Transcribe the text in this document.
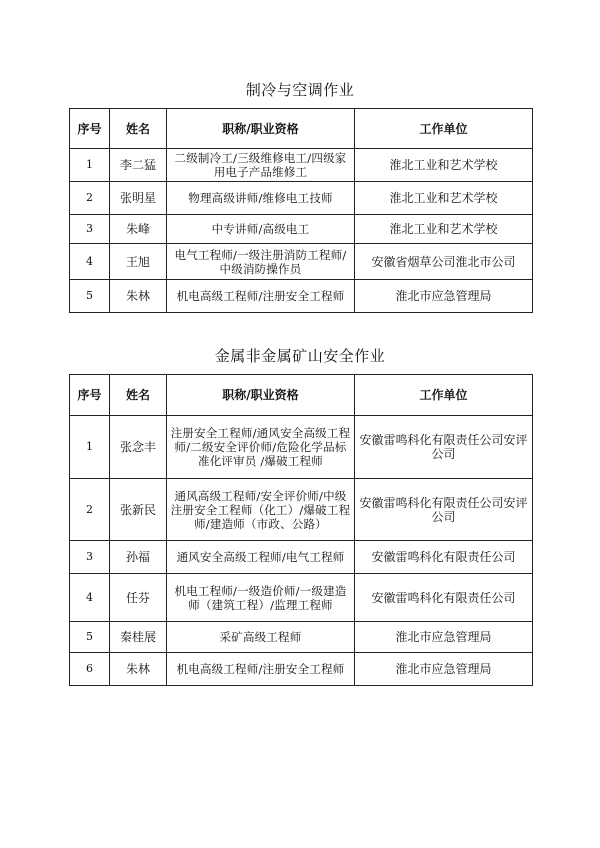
制冷与空调作业
序号	姓名	职称/职业资格	工作单位
1	李二猛	二级制冷工/三级维修电工/四级家用电子产品维修工	淮北工业和艺术学校
2	张明星	物理高级讲师/维修电工技师	淮北工业和艺术学校
3	朱峰	中专讲师/高级电工	淮北工业和艺术学校
4	王旭	电气工程师/一级注册消防工程师/中级消防操作员	安徽省烟草公司淮北市公司
5	朱林	机电高级工程师/注册安全工程师	淮北市应急管理局
金属非金属矿山安全作业
序号	姓名	职称/职业资格	工作单位
1	张念丰	注册安全工程师/通风安全高级工程师/二级安全评价师/危险化学品标准化评审员 /爆破工程师	安徽雷鸣科化有限责任公司安评公司
2	张新民	通风高级工程师/安全评价师/中级注册安全工程师（化工）/爆破工程师/建造师（市政、公路）	安徽雷鸣科化有限责任公司安评公司
3	孙福	通风安全高级工程师/电气工程师	安徽雷鸣科化有限责任公司
4	任芬	机电工程师/一级造价师/一级建造师（建筑工程）/监理工程师	安徽雷鸣科化有限责任公司
5	秦桂展	采矿高级工程师	淮北市应急管理局
6	朱林	机电高级工程师/注册安全工程师	淮北市应急管理局
